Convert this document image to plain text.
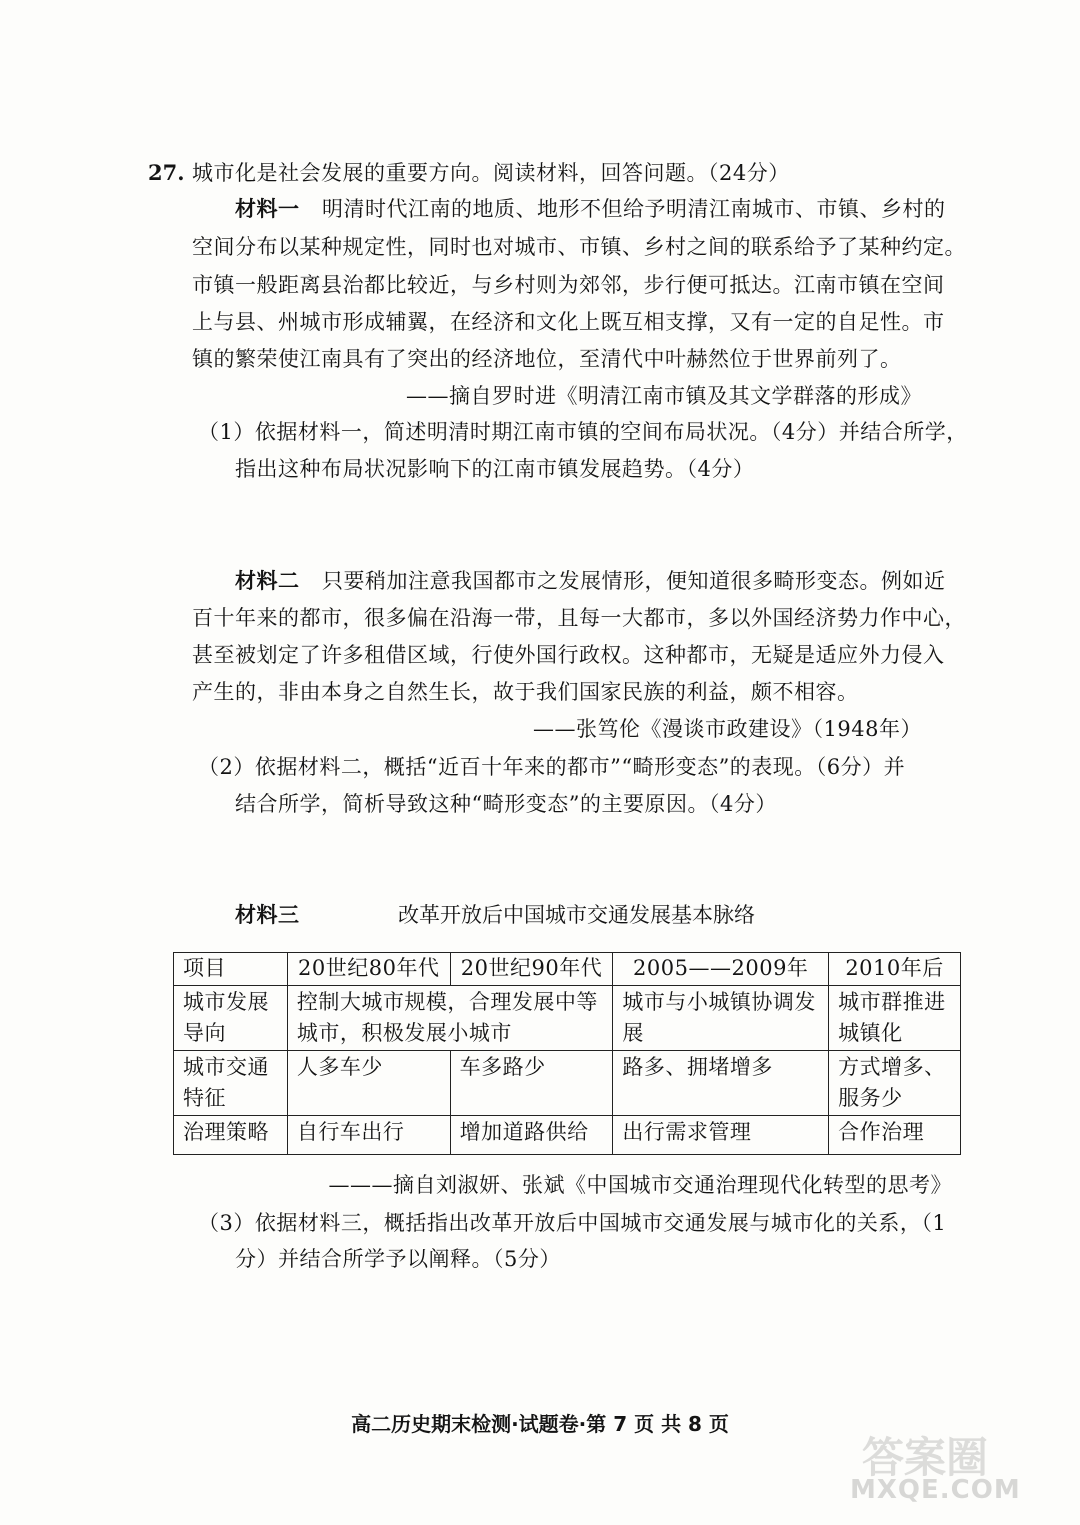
27. 城市化是社会发展的重要方向。阅读材料，回答问题。（24分）
材料一 明清时代江南的地质、地形不但给予明清江南城市、市镇、乡村的
空间分布以某种规定性，同时也对城市、市镇、乡村之间的联系给予了某种约定。
市镇一般距离县治都比较近，与乡村则为郊邻，步行便可抵达。江南市镇在空间
上与县、州城市形成辅翼，在经济和文化上既互相支撑，又有一定的自足性。市
镇的繁荣使江南具有了突出的经济地位，至清代中叶赫然位于世界前列了。
——摘自罗时进《明清江南市镇及其文学群落的形成》
（1）依据材料一，简述明清时期江南市镇的空间布局状况。（4分）并结合所学，
指出这种布局状况影响下的江南市镇发展趋势。（4分）
材料二 只要稍加注意我国都市之发展情形，便知道很多畸形变态。例如近
百十年来的都市，很多偏在沿海一带，且每一大都市，多以外国经济势力作中心，
甚至被划定了许多租借区域，行使外国行政权。这种都市，无疑是适应外力侵入
产生的，非由本身之自然生长，故于我们国家民族的利益，颇不相容。
——张笃伦《漫谈市政建设》（1948年）
（2）依据材料二，概括“近百十年来的都市”“畸形变态”的表现。（6分）并
结合所学，简析导致这种“畸形变态”的主要原因。（4分）
材料三	改革开放后中国城市交通发展基本脉络
项目	20世纪80年代	20世纪90年代	2005——2009年	2010年后
城市发展导向	控制大城市规模，合理发展中等城市，积极发展小城市		城市与小城镇协调发展	城市群推进城镇化
城市交通特征	人多车少	车多路少	路多、拥堵增多	方式增多、服务少
治理策略	自行车出行	增加道路供给	出行需求管理	合作治理
———摘自刘淑妍、张斌《中国城市交通治理现代化转型的思考》
（3）依据材料三，概括指出改革开放后中国城市交通发展与城市化的关系，（1
分）并结合所学予以阐释。（5分）
高二历史期末检测·试题卷·第 7 页 共 8 页
答案圈
MXQE.COM
